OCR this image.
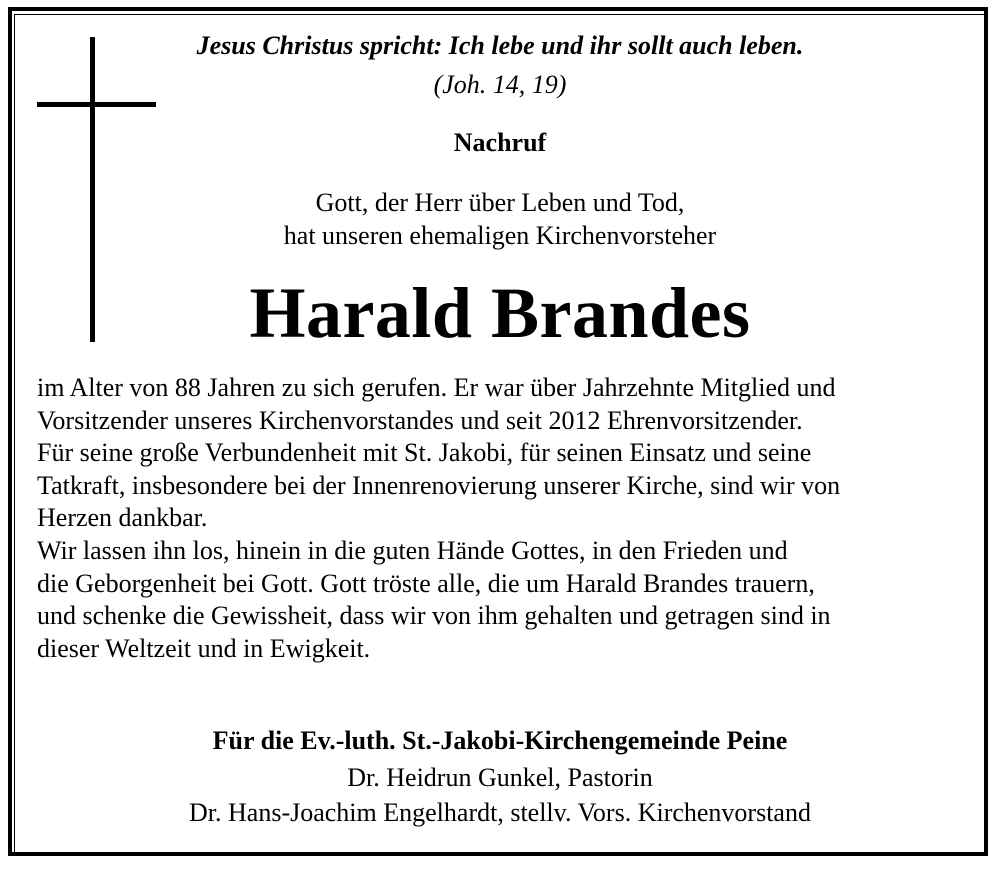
Jesus Christus spricht: Ich lebe und ihr sollt auch leben.
(Joh. 14, 19)
Nachruf
Gott, der Herr über Leben und Tod,
hat unseren ehemaligen Kirchenvorsteher
Harald Brandes
im Alter von 88 Jahren zu sich gerufen. Er war über Jahrzehnte Mitglied und
Vorsitzender unseres Kirchenvorstandes und seit 2012 Ehrenvorsitzender.
Für seine große Verbundenheit mit St. Jakobi, für seinen Einsatz und seine
Tatkraft, insbesondere bei der Innenrenovierung unserer Kirche, sind wir von
Herzen dankbar.
Wir lassen ihn los, hinein in die guten Hände Gottes, in den Frieden und
die Geborgenheit bei Gott. Gott tröste alle, die um Harald Brandes trauern,
und schenke die Gewissheit, dass wir von ihm gehalten und getragen sind in
dieser Weltzeit und in Ewigkeit.
Für die Ev.-luth. St.-Jakobi-Kirchengemeinde Peine
Dr. Heidrun Gunkel, Pastorin
Dr. Hans-Joachim Engelhardt, stellv. Vors. Kirchenvorstand
